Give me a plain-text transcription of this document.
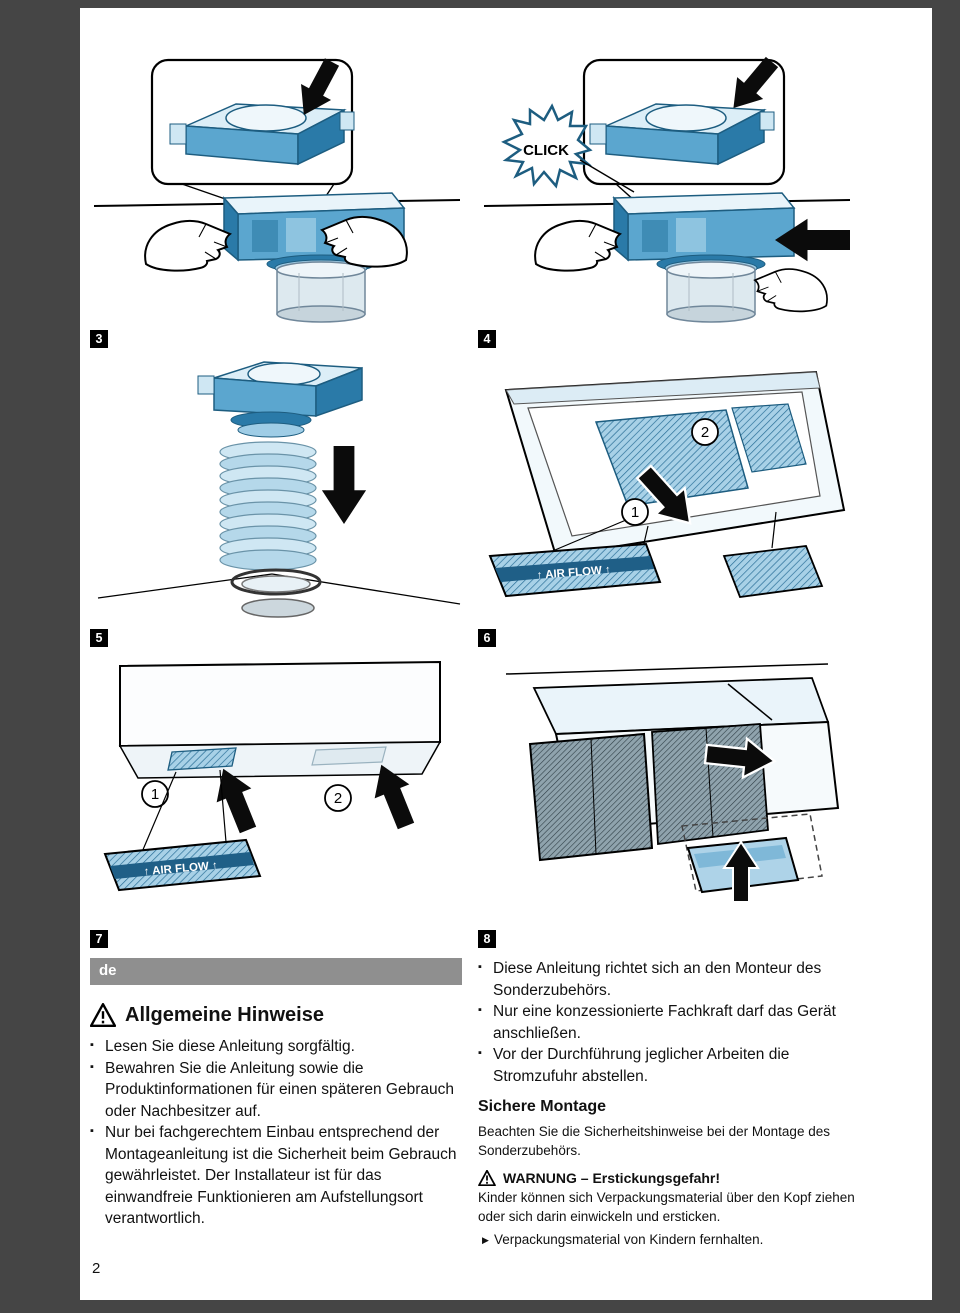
3
CLICK
4
5
2
1
↑ AIR FLOW ↑
6
1	2
↑ AIR FLOW ↑
7	8
de
Allgemeine Hinweise
▪ Lesen Sie diese Anleitung sorgfältig.
▪ Bewahren Sie die Anleitung sowie die Produktinformationen für einen späteren Gebrauch oder Nachbesitzer auf.
▪ Nur bei fachgerechtem Einbau entsprechend der Montageanleitung ist die Sicherheit beim Gebrauch gewährleistet. Der Installateur ist für das einwandfreie Funktionieren am Aufstellungsort verantwortlich.
▪ Diese Anleitung richtet sich an den Monteur des Sonderzubehörs.
▪ Nur eine konzessionierte Fachkraft darf das Gerät anschließen.
▪ Vor der Durchführung jeglicher Arbeiten die Stromzufuhr abstellen.
Sichere Montage

Beachten Sie die Sicherheitshinweise bei der Montage des Sonderzubehörs.

WARNUNG – Erstickungsgefahr!

Kinder können sich Verpackungsmaterial über den Kopf ziehen oder sich darin einwickeln und ersticken.

▶ Verpackungsmaterial von Kindern fernhalten.
2
